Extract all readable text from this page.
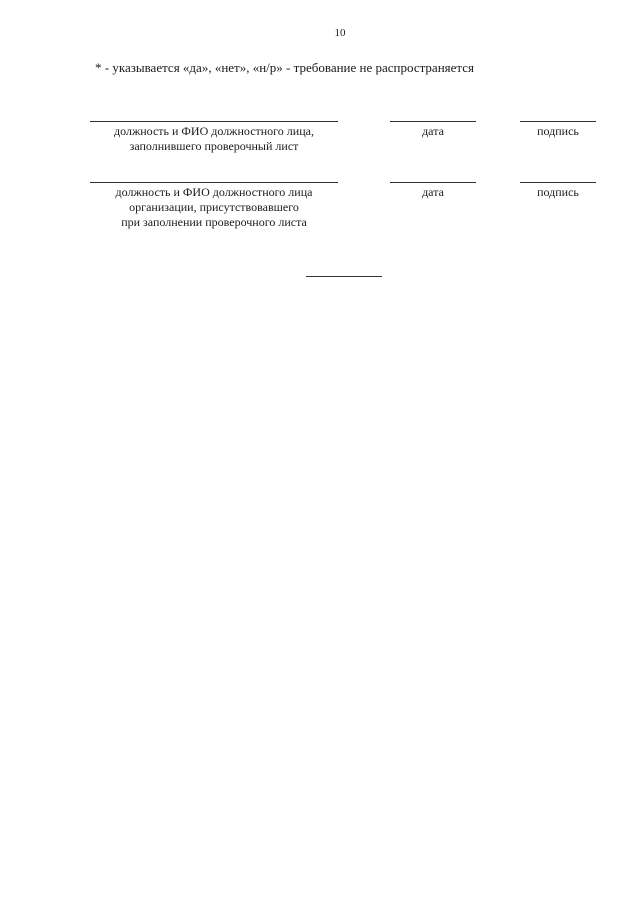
10
* - указывается «да», «нет», «н/р» - требование не распространяется
должность и ФИО должностного лица,
заполнившего проверочный лист
дата	подпись
должность и ФИО должностного лица
организации, присутствовавшего
при заполнении проверочного листа
дата	подпись
